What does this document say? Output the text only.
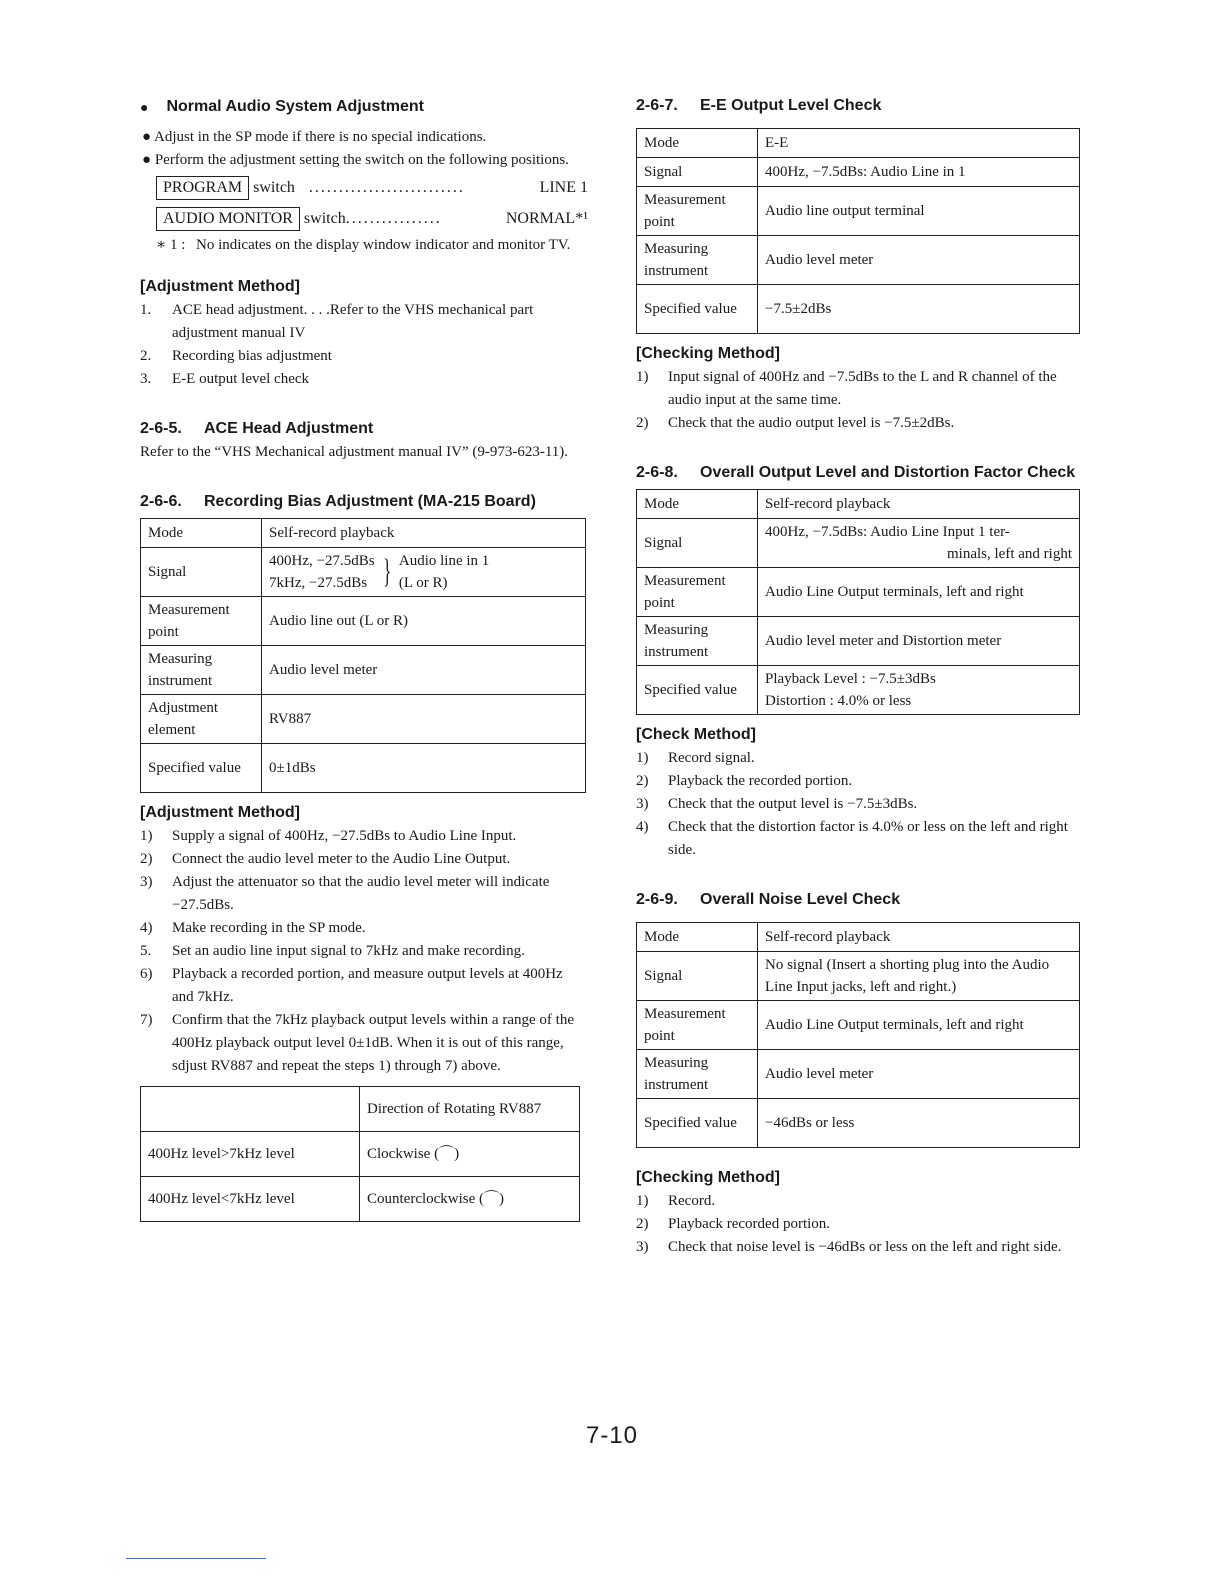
● Normal Audio System Adjustment

● Adjust in the SP mode if there is no special indications.

● Perform the adjustment setting the switch on the following positions.

PROGRAM switch ..........................	LINE 1
AUDIO MONITOR switch ................	NORMAL*¹
∗ 1 : No indicates on the display window indicator and monitor TV.

[Adjustment Method]

1.	ACE head adjustment. . . .Refer to the VHS mechanical part adjustment manual IV
2.	Recording bias adjustment
3.	E-E output level check
2-6-5.	ACE Head Adjustment

Refer to the “VHS Mechanical adjustment manual IV” (9-973-623-11).

2-6-6.	Recording Bias Adjustment (MA-215 Board)
Mode	Self-record playback
Signal	400Hz, −27.5dBs
7kHz, −27.5dBs } Audio line in 1
(L or R)

Measurement point	Audio line out (L or R)
Measuring instrument	Audio level meter
Adjustment element	RV887
Specified value	0±1dBs

[Adjustment Method]

1)	Supply a signal of 400Hz, −27.5dBs to Audio Line Input.
2)	Connect the audio level meter to the Audio Line Output.
3)	Adjust the attenuator so that the audio level meter will indicate −27.5dBs.
4)	Make recording in the SP mode.
5.	Set an audio line input signal to 7kHz and make recording.
6)	Playback a recorded portion, and measure output levels at 400Hz and 7kHz.
7)	Confirm that the 7kHz playback output levels within a range of the 400Hz playback output level 0±1dB. When it is out of this range, sdjust RV887 and repeat the steps 1) through 7) above.
	Direction of Rotating RV887
400Hz level>7kHz level	Clockwise (⌒)
400Hz level<7kHz level	Counterclockwise (⌒)
2-6-7.	E-E Output Level Check
Mode	E-E
Signal	400Hz, −7.5dBs: Audio Line in 1
Measurement point	Audio line output terminal
Measuring instrument	Audio level meter
Specified value	−7.5±2dBs

[Checking Method]

1)	Input signal of 400Hz and −7.5dBs to the L and R channel of the audio input at the same time.
2)	Check that the audio output level is −7.5±2dBs.
2-6-8.	Overall Output Level and Distortion Factor Check
Mode	Self-record playback
Signal	400Hz, −7.5dBs: Audio Line Input 1 ter-
minals, left and right

Measurement point	Audio Line Output terminals, left and right
Measuring instrument	Audio level meter and Distortion meter
Specified value	Playback Level : −7.5±3dBs
Distortion : 4.0% or less

[Check Method]

1)	Record signal.
2)	Playback the recorded portion.
3)	Check that the output level is −7.5±3dBs.
4)	Check that the distortion factor is 4.0% or less on the left and right side.
2-6-9.	Overall Noise Level Check
Mode	Self-record playback
Signal	No signal (Insert a shorting plug into the Audio Line Input jacks, left and right.)
Measurement point	Audio Line Output terminals, left and right
Measuring instrument	Audio level meter
Specified value	−46dBs or less

[Checking Method]

1)	Record.
2)	Playback recorded portion.
3)	Check that noise level is −46dBs or less on the left and right side.
7-10
